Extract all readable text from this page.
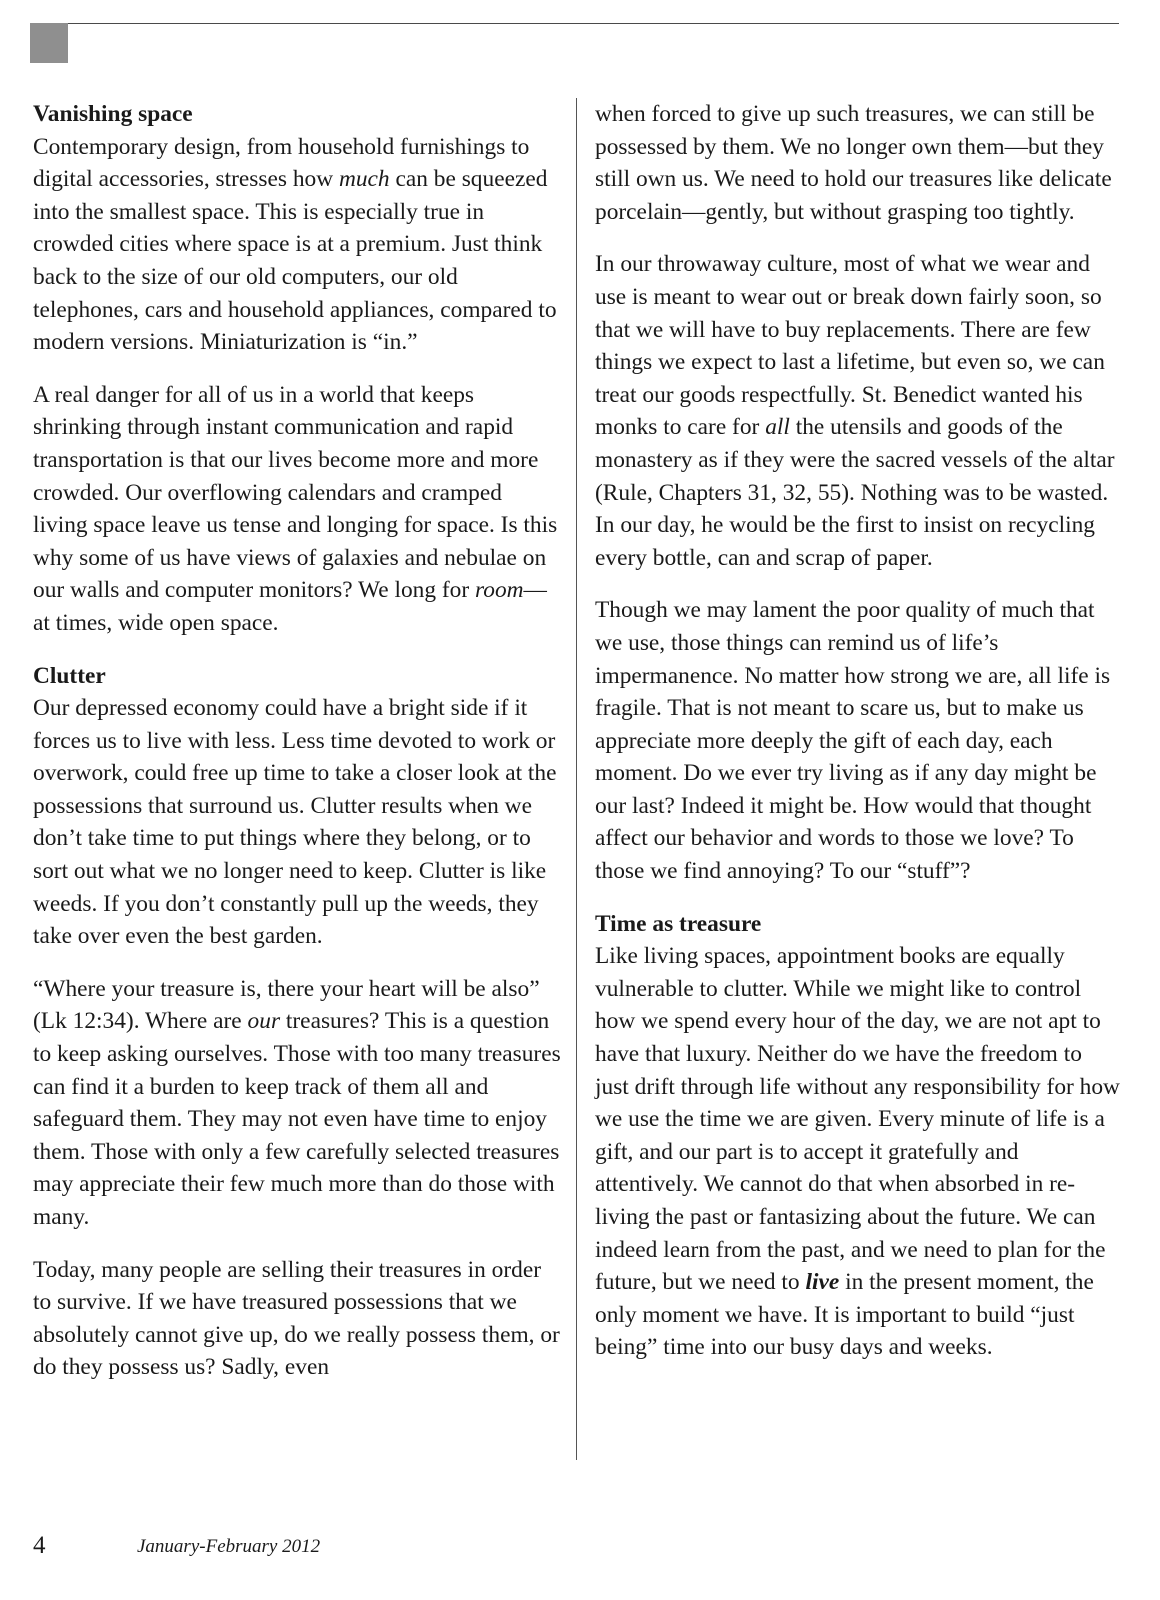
Vanishing space

Contemporary design, from household furnishings to digital accessories, stresses how much can be squeezed into the smallest space. This is especially true in crowded cities where space is at a premium. Just think back to the size of our old computers, our old telephones, cars and household appliances, compared to modern versions. Miniaturization is “in.”

A real danger for all of us in a world that keeps shrinking through instant communication and rapid transportation is that our lives become more and more crowded. Our overflowing calendars and cramped living space leave us tense and longing for space. Is this why some of us have views of galaxies and nebulae on our walls and computer monitors? We long for room—at times, wide open space.

Clutter

Our depressed economy could have a bright side if it forces us to live with less. Less time devoted to work or overwork, could free up time to take a closer look at the possessions that surround us. Clutter results when we don’t take time to put things where they belong, or to sort out what we no longer need to keep. Clutter is like weeds. If you don’t constantly pull up the weeds, they take over even the best garden.

“Where your treasure is, there your heart will be also” (Lk 12:34). Where are our treasures? This is a question to keep asking ourselves. Those with too many treasures can find it a burden to keep track of them all and safeguard them. They may not even have time to enjoy them. Those with only a few carefully selected treasures may appreciate their few much more than do those with many.

Today, many people are selling their treasures in order to survive. If we have treasured possessions that we absolutely cannot give up, do we really possess them, or do they possess us? Sadly, even

when forced to give up such treasures, we can still be possessed by them. We no longer own them—but they still own us. We need to hold our treasures like delicate porcelain—gently, but without grasping too tightly.

In our throwaway culture, most of what we wear and use is meant to wear out or break down fairly soon, so that we will have to buy replacements. There are few things we expect to last a lifetime, but even so, we can treat our goods respectfully. St. Benedict wanted his monks to care for all the utensils and goods of the monastery as if they were the sacred vessels of the altar (Rule, Chapters 31, 32, 55). Nothing was to be wasted. In our day, he would be the first to insist on recycling every bottle, can and scrap of paper.

Though we may lament the poor quality of much that we use, those things can remind us of life’s impermanence. No matter how strong we are, all life is fragile. That is not meant to scare us, but to make us appreciate more deeply the gift of each day, each moment. Do we ever try living as if any day might be our last? Indeed it might be. How would that thought affect our behavior and words to those we love? To those we find annoying? To our “stuff”?

Time as treasure

Like living spaces, appointment books are equally vulnerable to clutter. While we might like to control how we spend every hour of the day, we are not apt to have that luxury. Neither do we have the freedom to just drift through life without any responsibility for how we use the time we are given. Every minute of life is a gift, and our part is to accept it gratefully and attentively. We cannot do that when absorbed in re-living the past or fantasizing about the future. We can indeed learn from the past, and we need to plan for the future, but we need to live in the present moment, the only moment we have. It is important to build “just being” time into our busy days and weeks.

4	January-February 2012
